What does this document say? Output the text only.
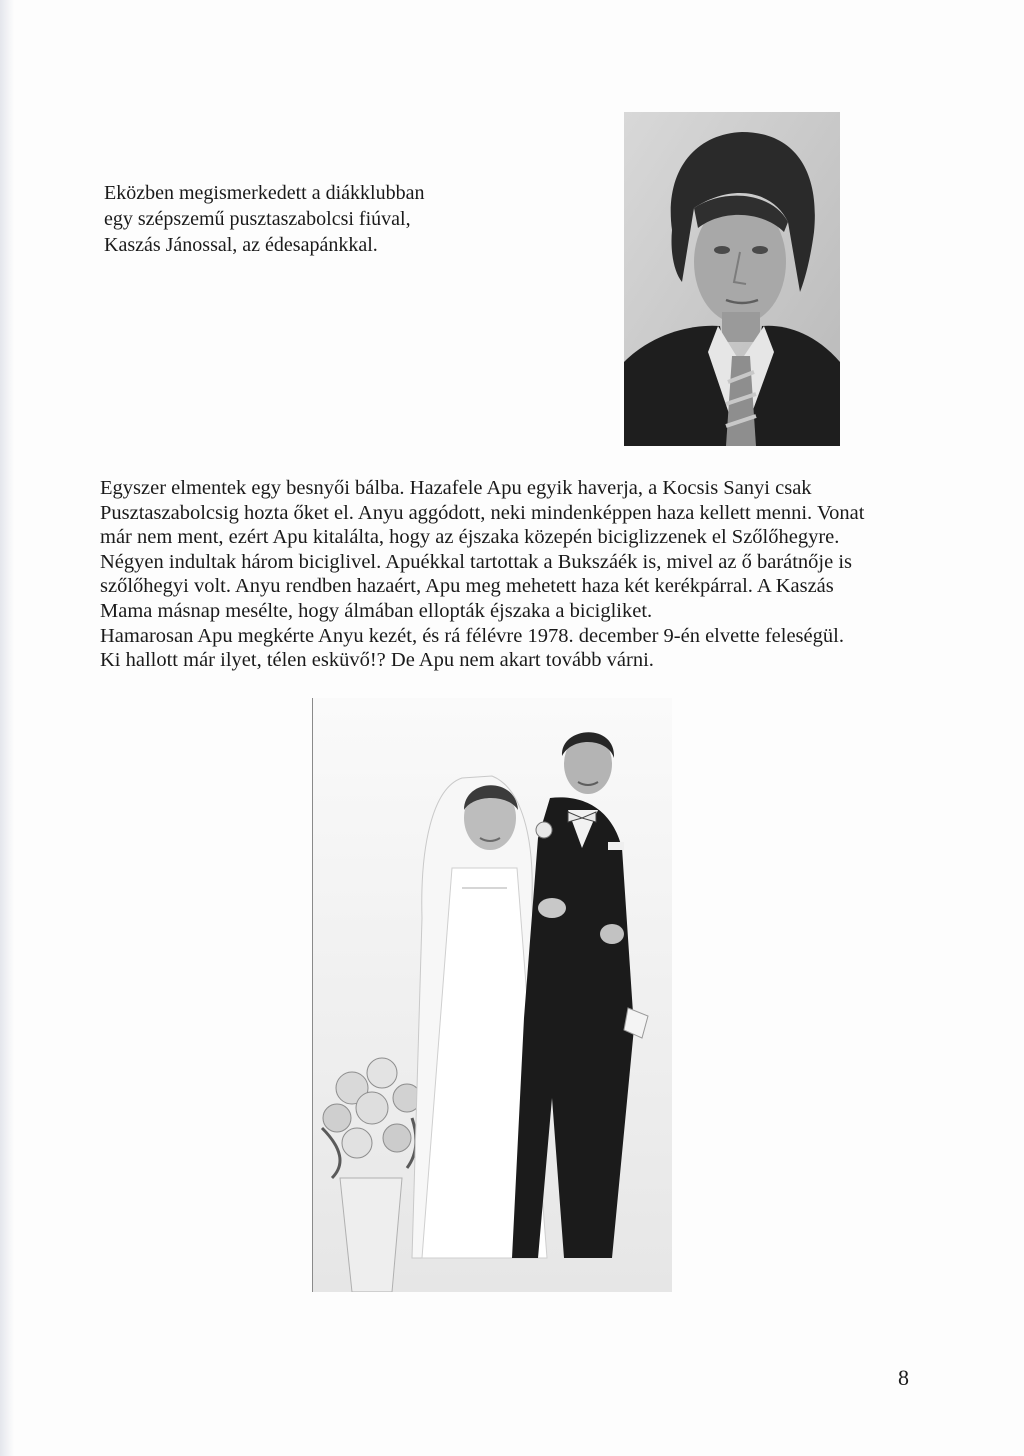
Eközben megismerkedett a diákklubban

egy szépszemű pusztaszabolcsi fiúval,

Kaszás Jánossal, az édesapánkkal.

Egyszer elmentek egy besnyői bálba. Hazafele Apu egyik haverja, a Kocsis Sanyi csak

Pusztaszabolcsig hozta őket el. Anyu aggódott, neki mindenképpen haza kellett menni. Vonat

már nem ment, ezért Apu kitalálta, hogy az éjszaka közepén biciglizzenek el Szőlőhegyre.

Négyen indultak három biciglivel. Apuékkal tartottak a Bukszáék is, mivel az ő barátnője is

szőlőhegyi volt. Anyu rendben hazaért, Apu meg mehetett haza két kerékpárral. A Kaszás

Mama másnap mesélte, hogy álmában ellopták éjszaka a bicigliket.

Hamarosan Apu megkérte Anyu kezét, és rá félévre 1978. december 9-én elvette feleségül.

Ki hallott már ilyet, télen esküvő!? De Apu nem akart tovább várni.

8
